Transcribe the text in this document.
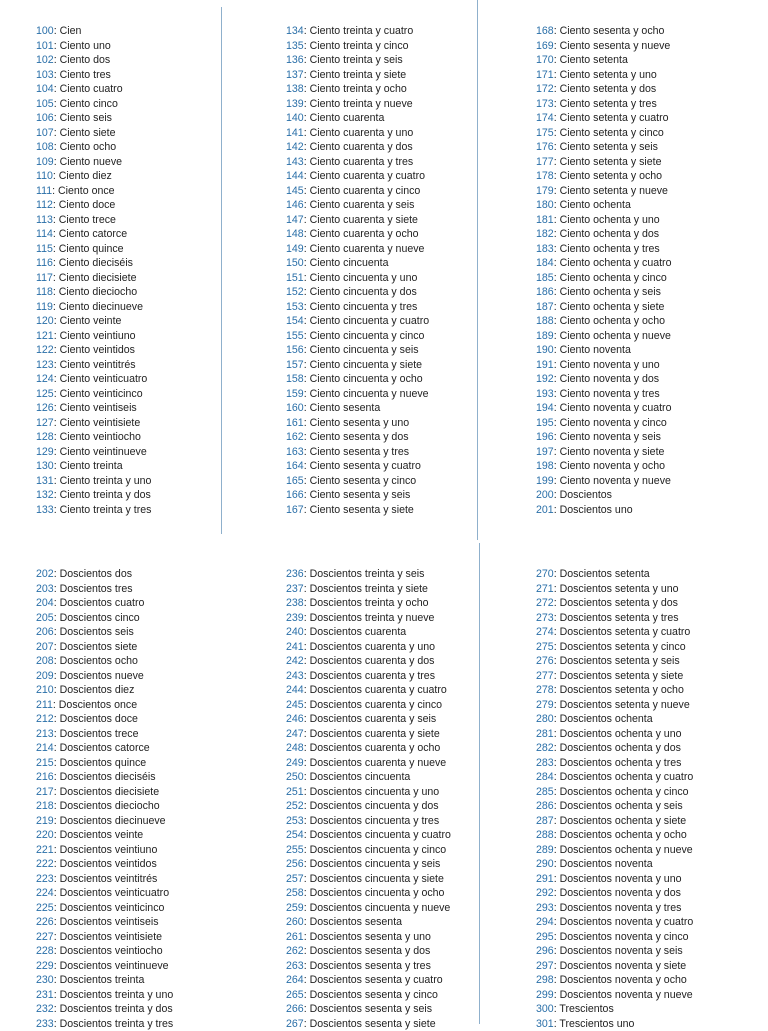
100: Cien
101: Ciento uno
102: Ciento dos
103: Ciento tres
104: Ciento cuatro
105: Ciento cinco
106: Ciento seis
107: Ciento siete
108: Ciento ocho
109: Ciento nueve
110: Ciento diez
111: Ciento once
112: Ciento doce
113: Ciento trece
114: Ciento catorce
115: Ciento quince
116: Ciento dieciséis
117: Ciento diecisiete
118: Ciento dieciocho
119: Ciento diecinueve
120: Ciento veinte
121: Ciento veintiuno
122: Ciento veintidos
123: Ciento veintitrés
124: Ciento veinticuatro
125: Ciento veinticinco
126: Ciento veintiseis
127: Ciento veintisiete
128: Ciento veintiocho
129: Ciento veintinueve
130: Ciento treinta
131: Ciento treinta y uno
132: Ciento treinta y dos
133: Ciento treinta y tres
134: Ciento treinta y cuatro
135: Ciento treinta y cinco
136: Ciento treinta y seis
137: Ciento treinta y siete
138: Ciento treinta y ocho
139: Ciento treinta y nueve
140: Ciento cuarenta
141: Ciento cuarenta y uno
142: Ciento cuarenta y dos
143: Ciento cuarenta y tres
144: Ciento cuarenta y cuatro
145: Ciento cuarenta y cinco
146: Ciento cuarenta y seis
147: Ciento cuarenta y siete
148: Ciento cuarenta y ocho
149: Ciento cuarenta y nueve
150: Ciento cincuenta
151: Ciento cincuenta y uno
152: Ciento cincuenta y dos
153: Ciento cincuenta y tres
154: Ciento cincuenta y cuatro
155: Ciento cincuenta y cinco
156: Ciento cincuenta y seis
157: Ciento cincuenta y siete
158: Ciento cincuenta y ocho
159: Ciento cincuenta y nueve
160: Ciento sesenta
161: Ciento sesenta y uno
162: Ciento sesenta y dos
163: Ciento sesenta y tres
164: Ciento sesenta y cuatro
165: Ciento sesenta y cinco
166: Ciento sesenta y seis
167: Ciento sesenta y siete
168: Ciento sesenta y ocho
169: Ciento sesenta y nueve
170: Ciento setenta
171: Ciento setenta y uno
172: Ciento setenta y dos
173: Ciento setenta y tres
174: Ciento setenta y cuatro
175: Ciento setenta y cinco
176: Ciento setenta y seis
177: Ciento setenta y siete
178: Ciento setenta y ocho
179: Ciento setenta y nueve
180: Ciento ochenta
181: Ciento ochenta y uno
182: Ciento ochenta y dos
183: Ciento ochenta y tres
184: Ciento ochenta y cuatro
185: Ciento ochenta y cinco
186: Ciento ochenta y seis
187: Ciento ochenta y siete
188: Ciento ochenta y ocho
189: Ciento ochenta y nueve
190: Ciento noventa
191: Ciento noventa y uno
192: Ciento noventa y dos
193: Ciento noventa y tres
194: Ciento noventa y cuatro
195: Ciento noventa y cinco
196: Ciento noventa y seis
197: Ciento noventa y siete
198: Ciento noventa y ocho
199: Ciento noventa y nueve
200: Doscientos
201: Doscientos uno
202: Doscientos dos
203: Doscientos tres
204: Doscientos cuatro
205: Doscientos cinco
206: Doscientos seis
207: Doscientos siete
208: Doscientos ocho
209: Doscientos nueve
210: Doscientos diez
211: Doscientos once
212: Doscientos doce
213: Doscientos trece
214: Doscientos catorce
215: Doscientos quince
216: Doscientos dieciséis
217: Doscientos diecisiete
218: Doscientos dieciocho
219: Doscientos diecinueve
220: Doscientos veinte
221: Doscientos veintiuno
222: Doscientos veintidos
223: Doscientos veintitrés
224: Doscientos veinticuatro
225: Doscientos veinticinco
226: Doscientos veintiseis
227: Doscientos veintisiete
228: Doscientos veintiocho
229: Doscientos veintinueve
230: Doscientos treinta
231: Doscientos treinta y uno
232: Doscientos treinta y dos
233: Doscientos treinta y tres
236: Doscientos treinta y seis
237: Doscientos treinta y siete
238: Doscientos treinta y ocho
239: Doscientos treinta y nueve
240: Doscientos cuarenta
241: Doscientos cuarenta y uno
242: Doscientos cuarenta y dos
243: Doscientos cuarenta y tres
244: Doscientos cuarenta y cuatro
245: Doscientos cuarenta y cinco
246: Doscientos cuarenta y seis
247: Doscientos cuarenta y siete
248: Doscientos cuarenta y ocho
249: Doscientos cuarenta y nueve
250: Doscientos cincuenta
251: Doscientos cincuenta y uno
252: Doscientos cincuenta y dos
253: Doscientos cincuenta y tres
254: Doscientos cincuenta y cuatro
255: Doscientos cincuenta y cinco
256: Doscientos cincuenta y seis
257: Doscientos cincuenta y siete
258: Doscientos cincuenta y ocho
259: Doscientos cincuenta y nueve
260: Doscientos sesenta
261: Doscientos sesenta y uno
262: Doscientos sesenta y dos
263: Doscientos sesenta y tres
264: Doscientos sesenta y cuatro
265: Doscientos sesenta y cinco
266: Doscientos sesenta y seis
267: Doscientos sesenta y siete
270: Doscientos setenta
271: Doscientos setenta y uno
272: Doscientos setenta y dos
273: Doscientos setenta y tres
274: Doscientos setenta y cuatro
275: Doscientos setenta y cinco
276: Doscientos setenta y seis
277: Doscientos setenta y siete
278: Doscientos setenta y ocho
279: Doscientos setenta y nueve
280: Doscientos ochenta
281: Doscientos ochenta y uno
282: Doscientos ochenta y dos
283: Doscientos ochenta y tres
284: Doscientos ochenta y cuatro
285: Doscientos ochenta y cinco
286: Doscientos ochenta y seis
287: Doscientos ochenta y siete
288: Doscientos ochenta y ocho
289: Doscientos ochenta y nueve
290: Doscientos noventa
291: Doscientos noventa y uno
292: Doscientos noventa y dos
293: Doscientos noventa y tres
294: Doscientos noventa y cuatro
295: Doscientos noventa y cinco
296: Doscientos noventa y seis
297: Doscientos noventa y siete
298: Doscientos noventa y ocho
299: Doscientos noventa y nueve
300: Trescientos
301: Trescientos uno
